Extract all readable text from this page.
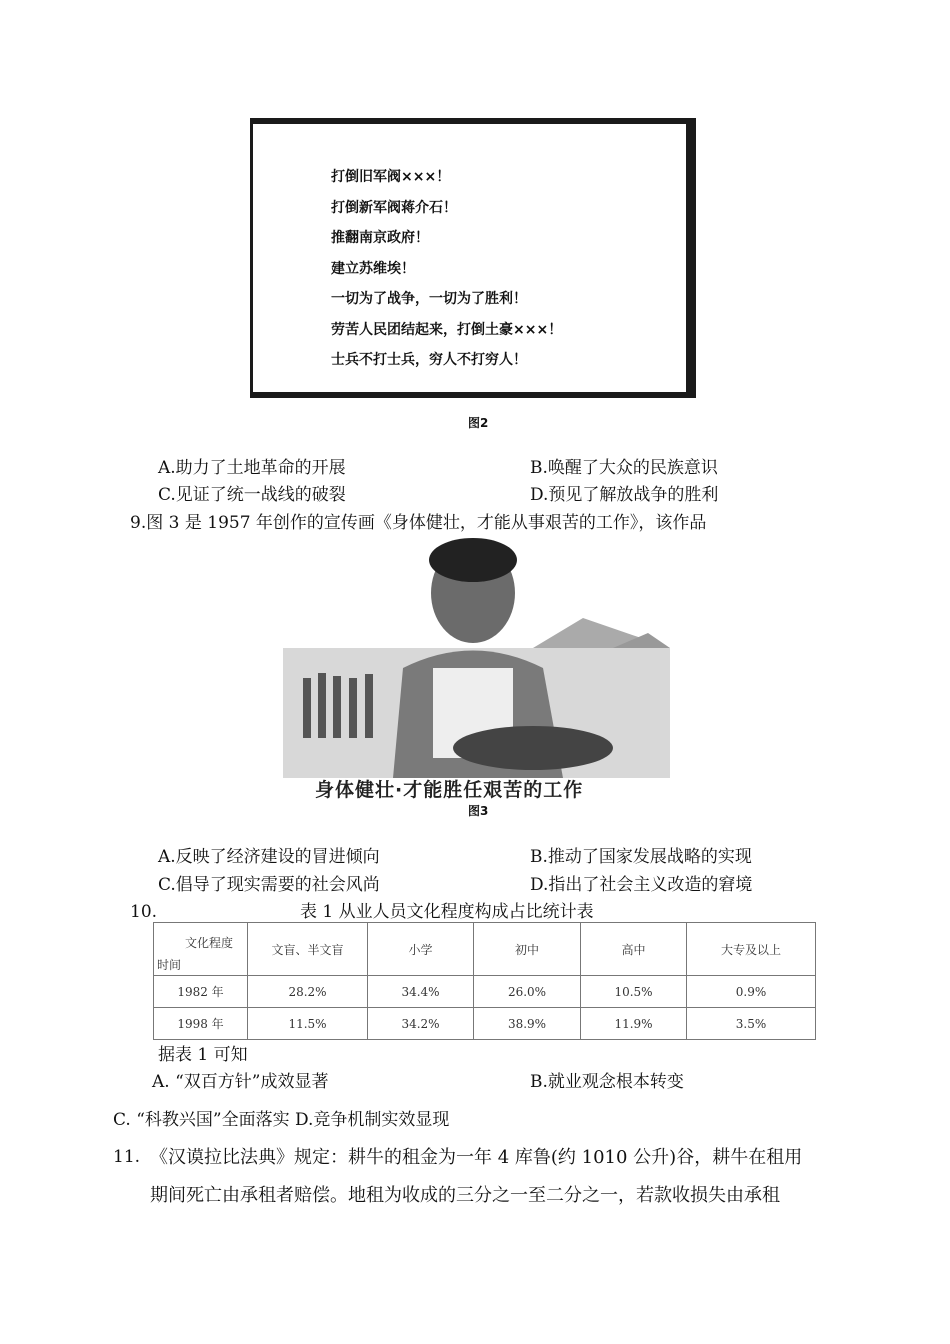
打倒旧军阀×××！
打倒新军阀蒋介石！
推翻南京政府！
建立苏维埃！
一切为了战争，一切为了胜利！
劳苦人民团结起来，打倒土豪×××！
士兵不打士兵，穷人不打穷人！
图2
A.助力了土地革命的开展	B.唤醒了大众的民族意识
C.见证了统一战线的破裂	D.预见了解放战争的胜利
9.图 3 是 1957 年创作的宣传画《身体健壮，才能从事艰苦的工作》，该作品
身体健壮·才能胜任艰苦的工作
图3
A.反映了经济建设的冒进倾向	B.推动了国家发展战略的实现
C.倡导了现实需要的社会风尚	D.指出了社会主义改造的窘境
10.	表 1 从业人员文化程度构成占比统计表
文化程度
时间	文盲、半文盲	小学	初中	高中	大专及以上
1982 年	28.2%	34.4%	26.0%	10.5%	0.9%
1998 年	11.5%	34.2%	38.9%	11.9%	3.5%
据表 1 可知
A. “双百方针”成效显著	B.就业观念根本转变
C. “科教兴国”全面落实 D.竞争机制实效显现
11. 《汉谟拉比法典》规定：耕牛的租金为一年 4 库鲁(约 1010 公升)谷，耕牛在租用
期间死亡由承租者赔偿。地租为收成的三分之一至二分之一，若款收损失由承租
